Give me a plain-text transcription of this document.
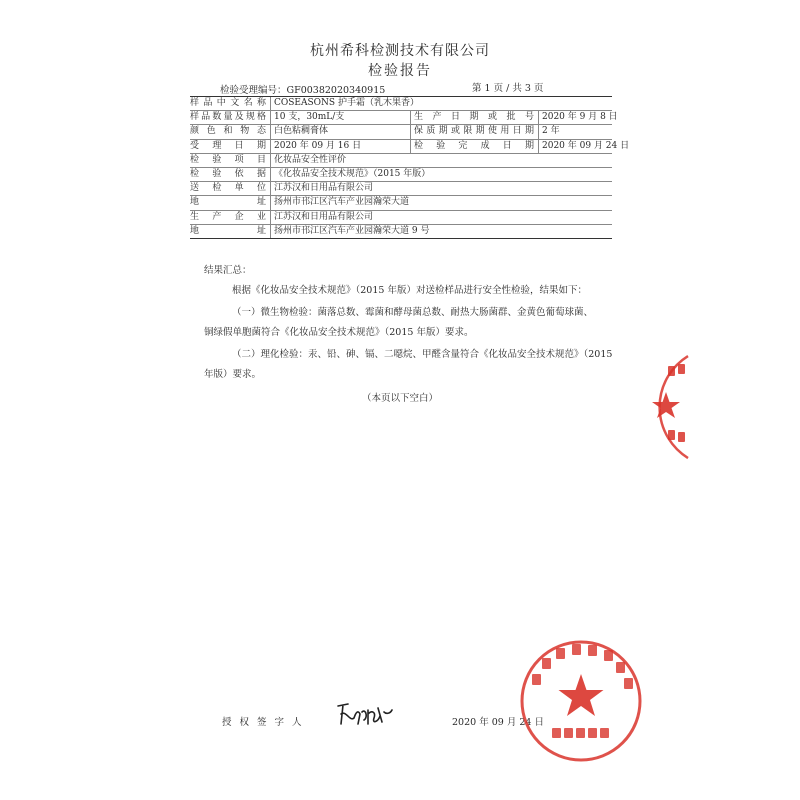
杭州希科检测技术有限公司
检验报告
检验受理编号：GF00382020340915	第 1 页 / 共 3 页
样品中文名称 COSEASONS 护手霜（乳木果香）
样品数量及规格 10 支，30mL/支	生产日期或批号 2020 年 9 月 8 日
颜色和物态 白色粘稠膏体	保质期或限期使用日期 2 年
受理日期 2020 年 09 月 16 日	检验完成日期 2020 年 09 月 24 日
检验项目 化妆品安全性评价
检验依据 《化妆品安全技术规范》（2015 年版）
送检单位 江苏汉和日用品有限公司
地址 扬州市邗江区汽车产业园瀚荣大道
生产企业 江苏汉和日用品有限公司
地址 扬州市邗江区汽车产业园瀚荣大道 9 号
结果汇总：
根据《化妆品安全技术规范》（2015 年版）对送检样品进行安全性检验，结果如下：
（一）微生物检验：菌落总数、霉菌和酵母菌总数、耐热大肠菌群、金黄色葡萄球菌、
铜绿假单胞菌符合《化妆品安全技术规范》（2015 年版）要求。
（二）理化检验：汞、铅、砷、镉、二噁烷、甲醛含量符合《化妆品安全技术规范》（2015
年版）要求。
（本页以下空白）
授权签字人	2020 年 09 月 24 日
